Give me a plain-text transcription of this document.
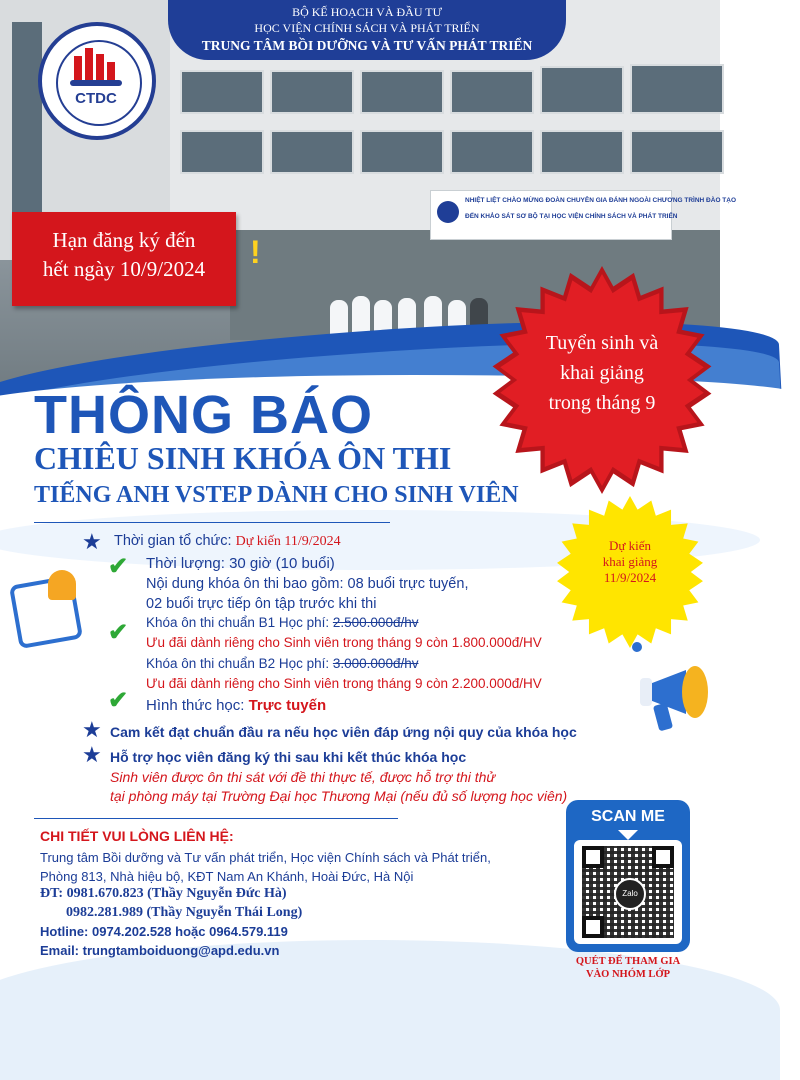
NHIỆT LIỆT CHÀO MỪNG ĐOÀN CHUYÊN GIA ĐÁNH NGOÀI CHƯƠNG TRÌNH ĐÀO TẠO
ĐẾN KHẢO SÁT SƠ BỘ TẠI HỌC VIỆN CHÍNH SÁCH VÀ PHÁT TRIỂN
BỘ KẾ HOẠCH VÀ ĐẦU TƯ
HỌC VIỆN CHÍNH SÁCH VÀ PHÁT TRIỂN
TRUNG TÂM BỒI DƯỠNG VÀ TƯ VẤN PHÁT TRIỂN
CTDC
Hạn đăng ký đến
hết ngày 10/9/2024	!
Tuyển sinh và
khai giảng
trong tháng 9
THÔNG BÁO
CHIÊU SINH KHÓA ÔN THI
TIẾNG ANH VSTEP DÀNH CHO SINH VIÊN
Dự kiến
khai giảng
11/9/2024
★ Thời gian tổ chức: Dự kiến 11/9/2024
✔ Thời lượng: 30 giờ (10 buổi)
Nội dung khóa ôn thi bao gồm: 08 buổi trực tuyến,
02 buổi trực tiếp ôn tập trước khi thi
✔ Khóa ôn thi chuẩn B1 Học phí: 2.500.000đ/hv
Ưu đãi dành riêng cho Sinh viên trong tháng 9 còn 1.800.000đ/HV
Khóa ôn thi chuẩn B2 Học phí: 3.000.000đ/hv
Ưu đãi dành riêng cho Sinh viên trong tháng 9 còn 2.200.000đ/HV
✔ Hình thức học: Trực tuyến
★ Cam kết đạt chuẩn đầu ra nếu học viên đáp ứng nội quy của khóa học
★ Hỗ trợ học viên đăng ký thi sau khi kết thúc khóa học
Sinh viên được ôn thi sát với đề thi thực tế, được hỗ trợ thi thử
tại phòng máy tại Trường Đại học Thương Mại (nếu đủ số lượng học viên)
CHI TIẾT VUI LÒNG LIÊN HỆ:
Trung tâm Bồi dưỡng và Tư vấn phát triển, Học viện Chính sách và Phát triển,
Phòng 813, Nhà hiệu bộ, KĐT Nam An Khánh, Hoài Đức, Hà Nội
ĐT: 0981.670.823 (Thầy Nguyễn Đức Hà)
0982.281.989 (Thầy Nguyễn Thái Long)
Hotline: 0974.202.528 hoặc 0964.579.119
Email: trungtamboiduong@apd.edu.vn
SCAN ME
Zalo
QUÉT ĐỂ THAM GIA
VÀO NHÓM LỚP
